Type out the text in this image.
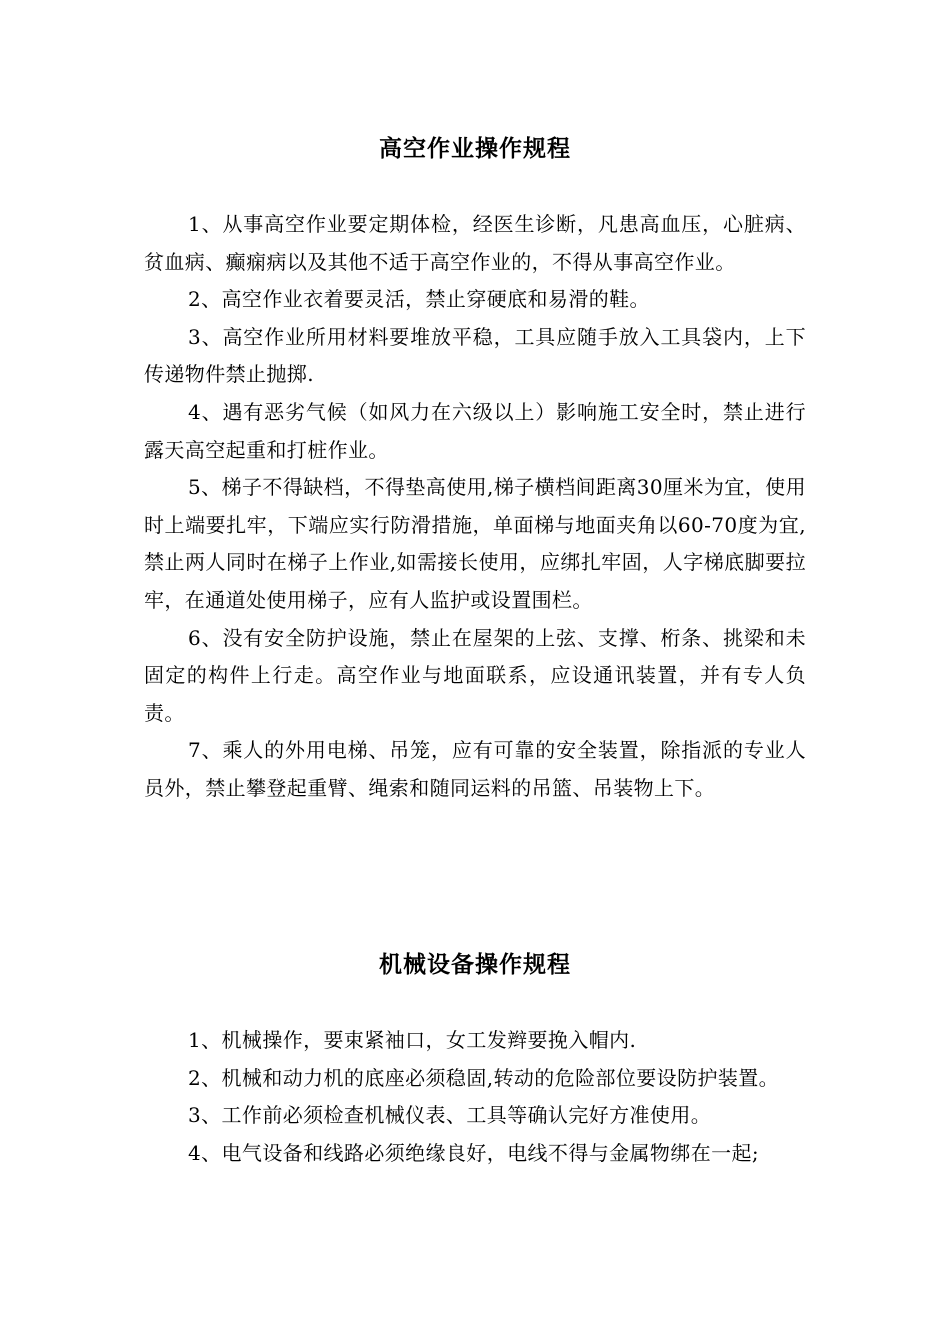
高空作业操作规程

1、从事高空作业要定期体检，经医生诊断，凡患高血压，心脏病、贫血病、癫痫病以及其他不适于高空作业的，不得从事高空作业。

2、高空作业衣着要灵活，禁止穿硬底和易滑的鞋。

3、高空作业所用材料要堆放平稳，工具应随手放入工具袋内，上下传递物件禁止抛掷.

4、遇有恶劣气候（如风力在六级以上）影响施工安全时，禁止进行露天高空起重和打桩作业。

5、梯子不得缺档，不得垫高使用,梯子横档间距离30厘米为宜，使用时上端要扎牢，下端应实行防滑措施，单面梯与地面夹角以60-70度为宜,禁止两人同时在梯子上作业,如需接长使用，应绑扎牢固，人字梯底脚要拉牢，在通道处使用梯子，应有人监护或设置围栏。

6、没有安全防护设施，禁止在屋架的上弦、支撑、桁条、挑梁和未固定的构件上行走。高空作业与地面联系，应设通讯装置，并有专人负责。

7、乘人的外用电梯、吊笼，应有可靠的安全装置，除指派的专业人员外，禁止攀登起重臂、绳索和随同运料的吊篮、吊装物上下。

机械设备操作规程

1、机械操作，要束紧袖口，女工发辫要挽入帽内.

2、机械和动力机的底座必须稳固,转动的危险部位要设防护装置。

3、工作前必须检查机械仪表、工具等确认完好方准使用。

4、电气设备和线路必须绝缘良好，电线不得与金属物绑在一起;
